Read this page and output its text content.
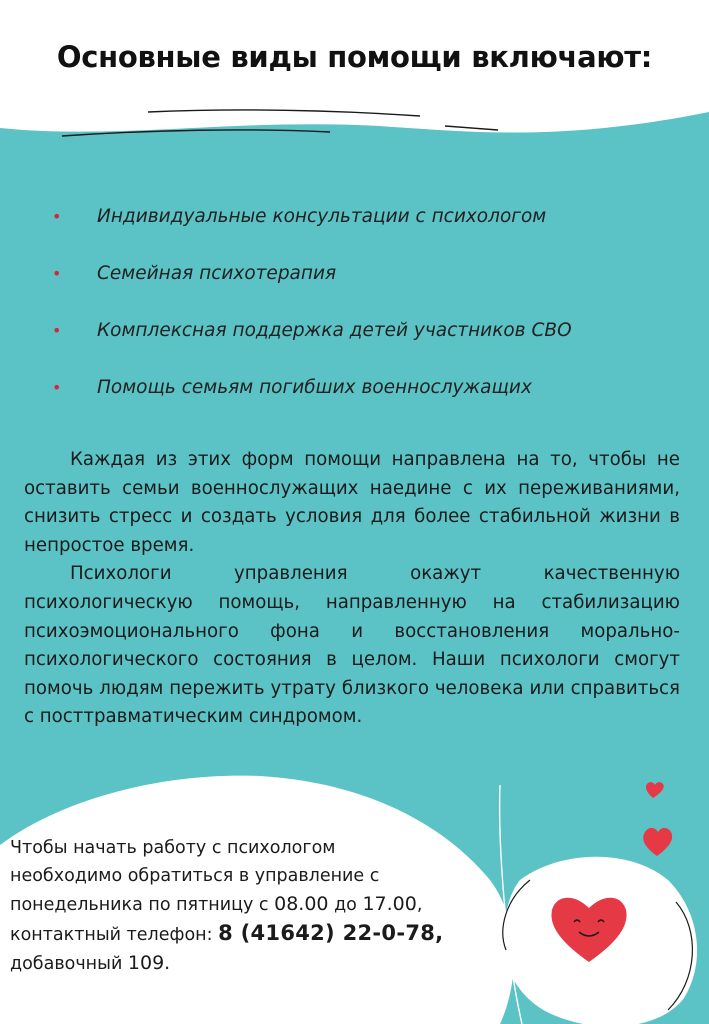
Основные виды помощи включают:
• Индивидуальные консультации с психологом
• Семейная психотерапия
• Комплексная поддержка детей участников СВО
• Помощь семьям погибших военнослужащих

Каждая из этих форм помощи направлена на то, чтобы не оставить семьи военнослужащих наедине с их переживаниями, снизить стресс и создать условия для более стабильной жизни в непростое время.

Психологи управления окажут качественную психологическую помощь, направленную на стабилизацию психоэмоционального фона и восстановления морально-психологического состояния в целом. Наши психологи смогут помочь людям пережить утрату близкого человека или справиться с посттравматическим синдромом.

Чтобы начать работу с психологом
необходимо обратиться в управление с
понедельника по пятницу с 08.00 до 17.00,
контактный телефон: 8 (41642) 22-0-78,
добавочный 109.
